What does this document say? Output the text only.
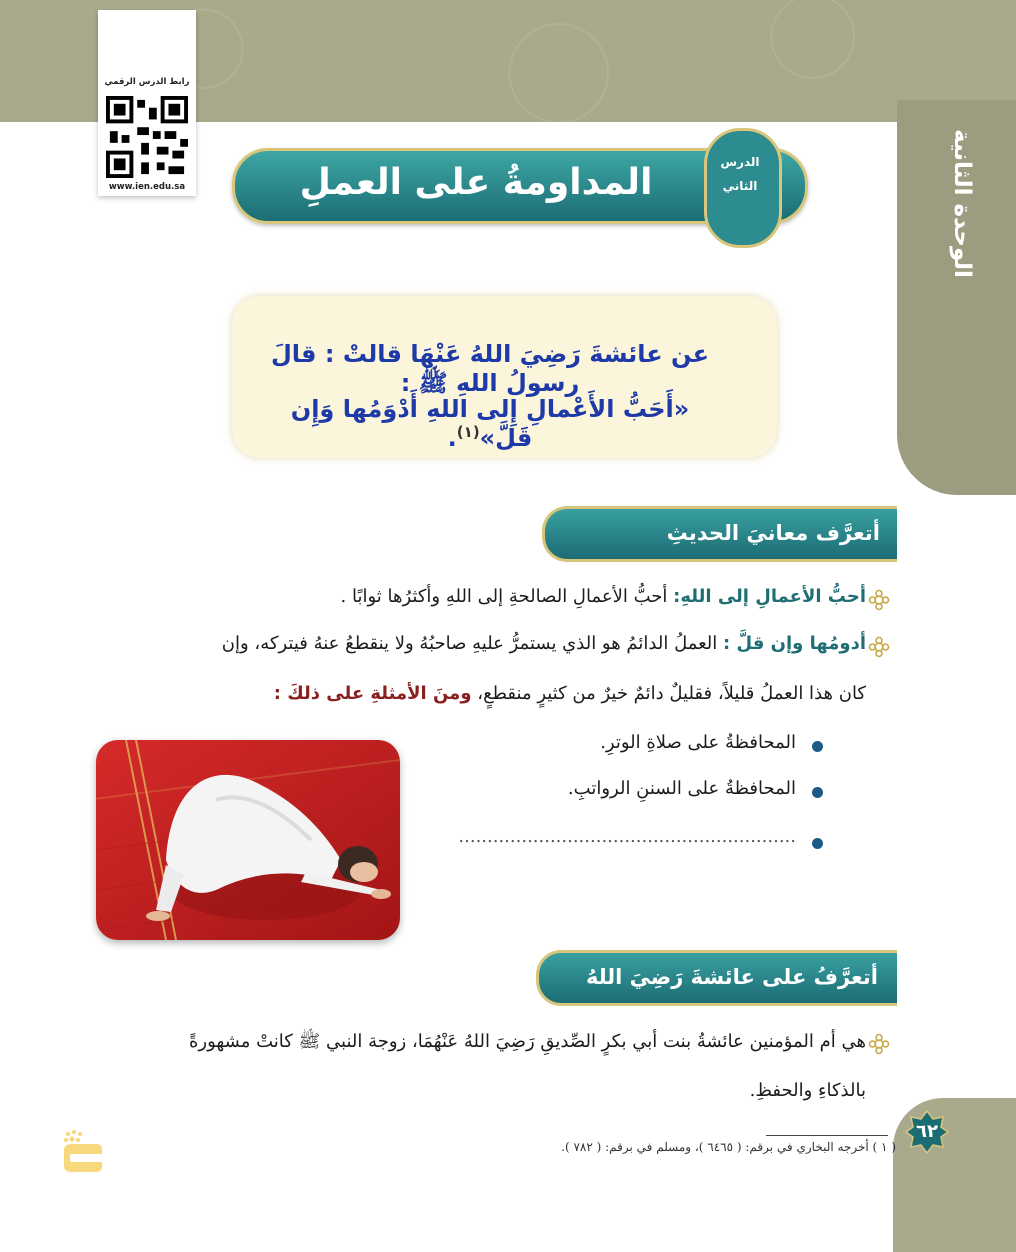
الوحدة الثانية
رابط الدرس الرقمي
www.ien.edu.sa	المداومةُ على العملِ	الدرس
الثاني
عن عائشةَ رَضِيَ اللهُ عَنْهَا قالتْ : قالَ رسولُ اللهِ ﷺ :
«أَحَبُّ الأَعْمالِ إِلى اللهِ أَدْوَمُها وَإِن قَلَّ»$^{(١)}$.
أتعرَّف معانيَ الحديثِ
أحبُّ الأعمالِ إلى اللهِ: أحبُّ الأعمالِ الصالحةِ إلى اللهِ وأكثرُها ثوابًا .
أدومُها وإن قلَّ : العملُ الدائمُ هو الذي يستمرُّ عليهِ صاحبُهُ ولا ينقطعُ عنهُ فيتركه، وإن
كان هذا العملُ قليلاً، فقليلٌ دائمٌ خيرٌ من كثيرٍ منقطعٍ، ومنَ الأمثلةِ على ذلكَ :
المحافظةُ على صلاةِ الوترِ.
المحافظةُ على السننِ الرواتبِ.
...........................................................
أتعرَّفُ على عائشةَ رَضِيَ اللهُ عَنْهَا
هي أم المؤمنين عائشةُ بنت أبي بكرٍ الصِّديقِ رَضِيَ اللهُ عَنْهُمَا، زوجة النبي ﷺ كانتْ مشهورةً
بالذكاءِ والحفظِ.
٦٢
( ١ ) أخرجه البخاري في برقم: ( ٦٤٦٥ )، ومسلم في برقم: ( ٧٨٢ ).
